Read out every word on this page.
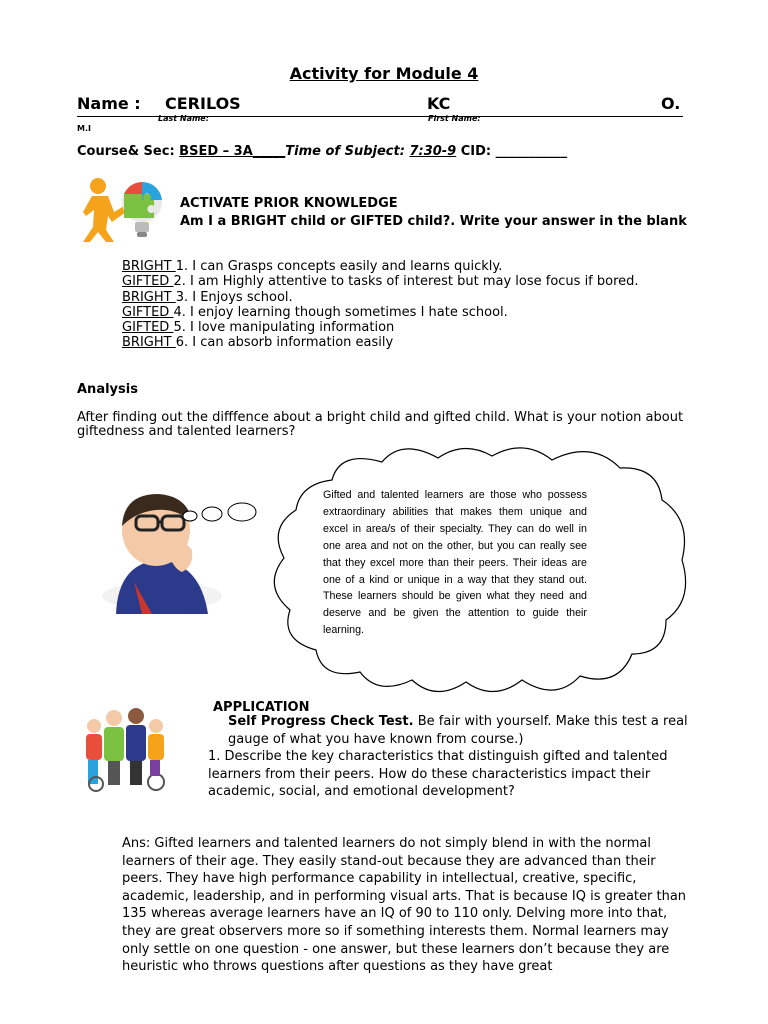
Activity for Module 4
Name : CERILOS	KC	O.
Last Name:	First Name:
M.I
Course& Sec: BSED – 3A_____Time of Subject: 7:30-9 CID: ___________
ACTIVATE PRIOR KNOWLEDGE
Am I a BRIGHT child or GIFTED child?. Write your answer in the blank
BRIGHT 1. I can Grasps concepts easily and learns quickly.
GIFTED 2. I am Highly attentive to tasks of interest but may lose focus if bored.
BRIGHT 3. I Enjoys school.
GIFTED 4. I enjoy learning though sometimes I hate school.
GIFTED 5. I love manipulating information
BRIGHT 6. I can absorb information easily
Analysis
After finding out the difffence about a bright child and gifted child. What is your notion about giftedness and talented learners?
Gifted and talented learners are those who possess extraordinary abilities that makes them unique and excel in area/s of their specialty. They can do well in one area and not on the other, but you can really see that they excel more than their peers. Their ideas are one of a kind or unique in a way that they stand out. These learners should be given what they need and deserve and be given the attention to guide their learning.
APPLICATION
Self Progress Check Test. Be fair with yourself. Make this test a real gauge of what you have known from course.)
1. Describe the key characteristics that distinguish gifted and talented learners from their peers. How do these characteristics impact their academic, social, and emotional development?
Ans: Gifted learners and talented learners do not simply blend in with the normal learners of their age. They easily stand-out because they are advanced than their peers. They have high performance capability in intellectual, creative, specific, academic, leadership, and in performing visual arts. That is because IQ is greater than 135 whereas average learners have an IQ of 90 to 110 only. Delving more into that, they are great observers more so if something interests them. Normal learners may only settle on one question - one answer, but these learners don’t because they are heuristic who throws questions after questions as they have great
